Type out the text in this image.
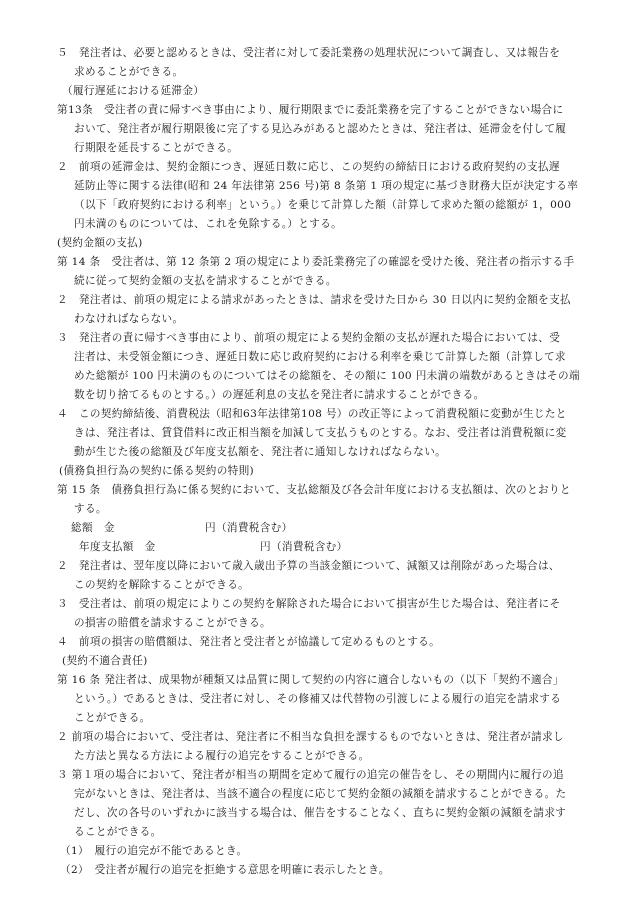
５　発注者は、必要と認めるときは、受注者に対して委託業務の処理状況について調査し、又は報告を
求めることができる。
（履行遅延における延滞金）
第13条　受注者の責に帰すべき事由により、履行期限までに委託業務を完了することができない場合に
おいて、発注者が履行期限後に完了する見込みがあると認めたときは、発注者は、延滞金を付して履
行期限を延長することができる。
２　前項の延滞金は、契約金額につき、遅延日数に応じ、この契約の締結日における政府契約の支払遅
延防止等に関する法律(昭和 24 年法律第 256 号)第 8 条第 1 項の規定に基づき財務大臣が決定する率
（以下「政府契約における利率」という。）を乗じて計算した額（計算して求めた額の総額が 1，000
円未満のものについては、これを免除する。）とする。
(契約金額の支払)
第 14 条　受注者は、第 12 条第 2 項の規定により委託業務完了の確認を受けた後、発注者の指示する手
続に従って契約金額の支払を請求することができる。
２　発注者は、前項の規定による請求があったときは、請求を受けた日から 30 日以内に契約金額を支払
わなければならない。
３　発注者の責に帰すべき事由により、前項の規定による契約金額の支払が遅れた場合においては、受
注者は、未受領金額につき、遅延日数に応じ政府契約における利率を乗じて計算した額（計算して求
めた総額が 100 円未満のものについてはその総額を、その額に 100 円未満の端数があるときはその端
数を切り捨てるものとする。）の遅延利息の支払を発注者に請求することができる。
４　この契約締結後、消費税法（昭和63年法律第108 号）の改正等によって消費税額に変動が生じたと
きは、発注者は、賃貸借料に改正相当額を加減して支払うものとする。なお、受注者は消費税額に変
動が生じた後の総額及び年度支払額を、発注者に通知しなければならない。
(債務負担行為の契約に係る契約の特則)
第 15 条　債務負担行為に係る契約において、支払総額及び各会計年度における支払額は、次のとおりと
する。
総額　金	円（消費税含む）
年度支払額　金	円（消費税含む）
２　発注者は、翌年度以降において歳入歳出予算の当該金額について、減額又は削除があった場合は、
この契約を解除することができる。
３　受注者は、前項の規定によりこの契約を解除された場合において損害が生じた場合は、発注者にそ
の損害の賠償を請求することができる。
４　前項の損害の賠償額は、発注者と受注者とが協議して定めるものとする。
(契約不適合責任)
第 16 条 発注者は、成果物が種類又は品質に関して契約の内容に適合しないもの（以下「契約不適合」
という。）であるときは、受注者に対し、その修補又は代替物の引渡しによる履行の追完を請求する
ことができる。
２ 前項の場合において、受注者は、発注者に不相当な負担を課するものでないときは、発注者が請求し
た方法と異なる方法による履行の追完をすることができる。
３ 第１項の場合において、発注者が相当の期間を定めて履行の追完の催告をし、その期間内に履行の追
完がないときは、発注者は、当該不適合の程度に応じて契約金額の減額を請求することができる。た
だし、次の各号のいずれかに該当する場合は、催告をすることなく、直ちに契約金額の減額を請求す
ることができる。
（1）　履行の追完が不能であるとき。
（2）　受注者が履行の追完を拒絶する意思を明確に表示したとき。
